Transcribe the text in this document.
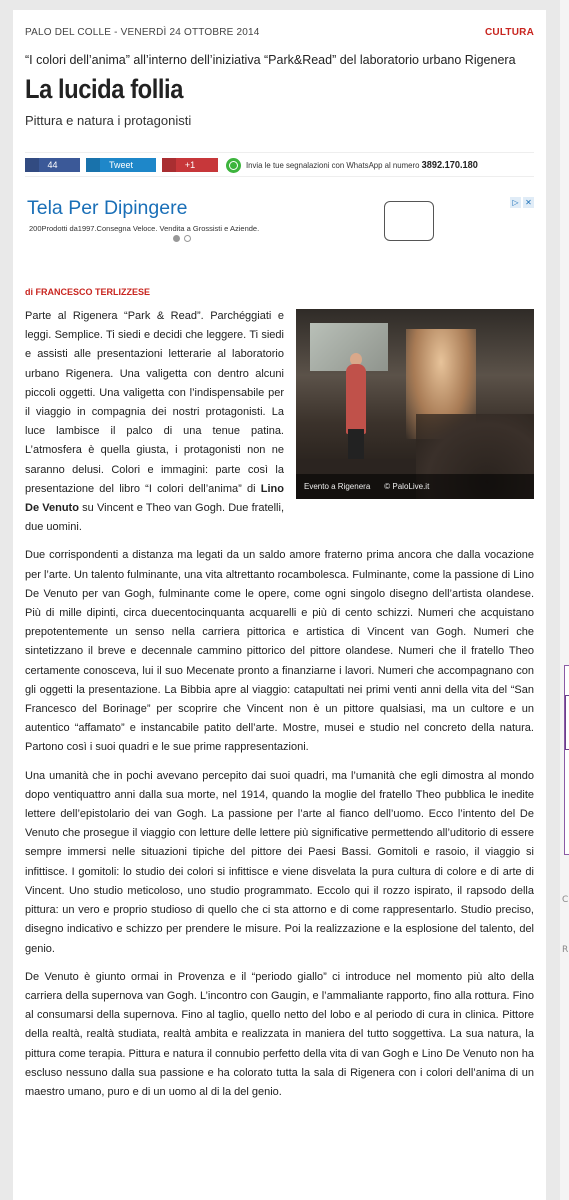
C
R
PALO DEL COLLE - VENERDÌ 24 OTTOBRE 2014	CULTURA
“I colori dell’anima” all’interno dell’iniziativa “Park&Read” del laboratorio urbano Rigenera
La lucida follia
Pittura e natura i protagonisti
44	Tweet	+1	Invia le tue segnalazioni con WhatsApp al numero 3892.170.180
Tela Per Dipingere
200Prodotti da1997.Consegna Veloce. Vendita a Grossisti e Aziende.
▷ ✕
di FRANCESCO TERLIZZESE
Evento a Rigenera © PaloLive.it

Parte al Rigenera “Park & Read”. Parchéggiati e leggi. Semplice. Ti siedi e decidi che leggere. Ti siedi e assisti alle presentazioni letterarie al laboratorio urbano Rigenera. Una valigetta con dentro alcuni piccoli oggetti. Una valigetta con l’indispensabile per il viaggio in compagnia dei nostri protagonisti. La luce lambisce il palco di una tenue patina. L’atmosfera è quella giusta, i protagonisti non ne saranno delusi. Colori e immagini: parte così la presentazione del libro “I colori dell’anima” di Lino De Venuto su Vincent e Theo van Gogh. Due fratelli, due uomini.

Due corrispondenti a distanza ma legati da un saldo amore fraterno prima ancora che dalla vocazione per l’arte. Un talento fulminante, una vita altrettanto rocambolesca. Fulminante, come la passione di Lino De Venuto per van Gogh, fulminante come le opere, come ogni singolo disegno dell’artista olandese. Più di mille dipinti, circa duecentocinquanta acquarelli e più di cento schizzi. Numeri che acquistano prepotentemente un senso nella carriera pittorica e artistica di Vincent van Gogh. Numeri che sintetizzano il breve e decennale cammino pittorico del pittore olandese. Numeri che il fratello Theo certamente conosceva, lui il suo Mecenate pronto a finanziarne i lavori. Numeri che accompagnano con gli oggetti la presentazione. La Bibbia apre al viaggio: catapultati nei primi venti anni della vita del “San Francesco del Borinage” per scoprire che Vincent non è un pittore qualsiasi, ma un cultore e un autentico “affamato” e instancabile patito dell’arte. Mostre, musei e studio nel concreto della natura. Partono così i suoi quadri e le sue prime rappresentazioni.

Una umanità che in pochi avevano percepito dai suoi quadri, ma l’umanità che egli dimostra al mondo dopo ventiquattro anni dalla sua morte, nel 1914, quando la moglie del fratello Theo pubblica le inedite lettere dell’epistolario dei van Gogh. La passione per l’arte al fianco dell’uomo. Ecco l’intento del De Venuto che prosegue il viaggio con letture delle lettere più significative permettendo all’uditorio di essere sempre immersi nelle situazioni tipiche del pittore dei Paesi Bassi. Gomitoli e rasoio, il viaggio si infittisce. I gomitoli: lo studio dei colori si infittisce e viene disvelata la pura cultura di colore e di arte di Vincent. Uno studio meticoloso, uno studio programmato. Eccolo qui il rozzo ispirato, il rapsodo della pittura: un vero e proprio studioso di quello che ci sta attorno e di come rappresentarlo. Studio preciso, disegno indicativo e schizzo per prendere le misure. Poi la realizzazione e la esplosione del talento, del genio.

De Venuto è giunto ormai in Provenza e il “periodo giallo” ci introduce nel momento più alto della carriera della supernova van Gogh. L’incontro con Gaugin, e l’ammaliante rapporto, fino alla rottura. Fino al consumarsi della supernova. Fino al taglio, quello netto del lobo e al periodo di cura in clinica. Pittore della realtà, realtà studiata, realtà ambita e realizzata in maniera del tutto soggettiva. La sua natura, la pittura come terapia. Pittura e natura il connubio perfetto della vita di van Gogh e Lino De Venuto non ha escluso nessuno dalla sua passione e ha colorato tutta la sala di Rigenera con i colori dell’anima di un maestro umano, puro e di un uomo al di la del genio.
